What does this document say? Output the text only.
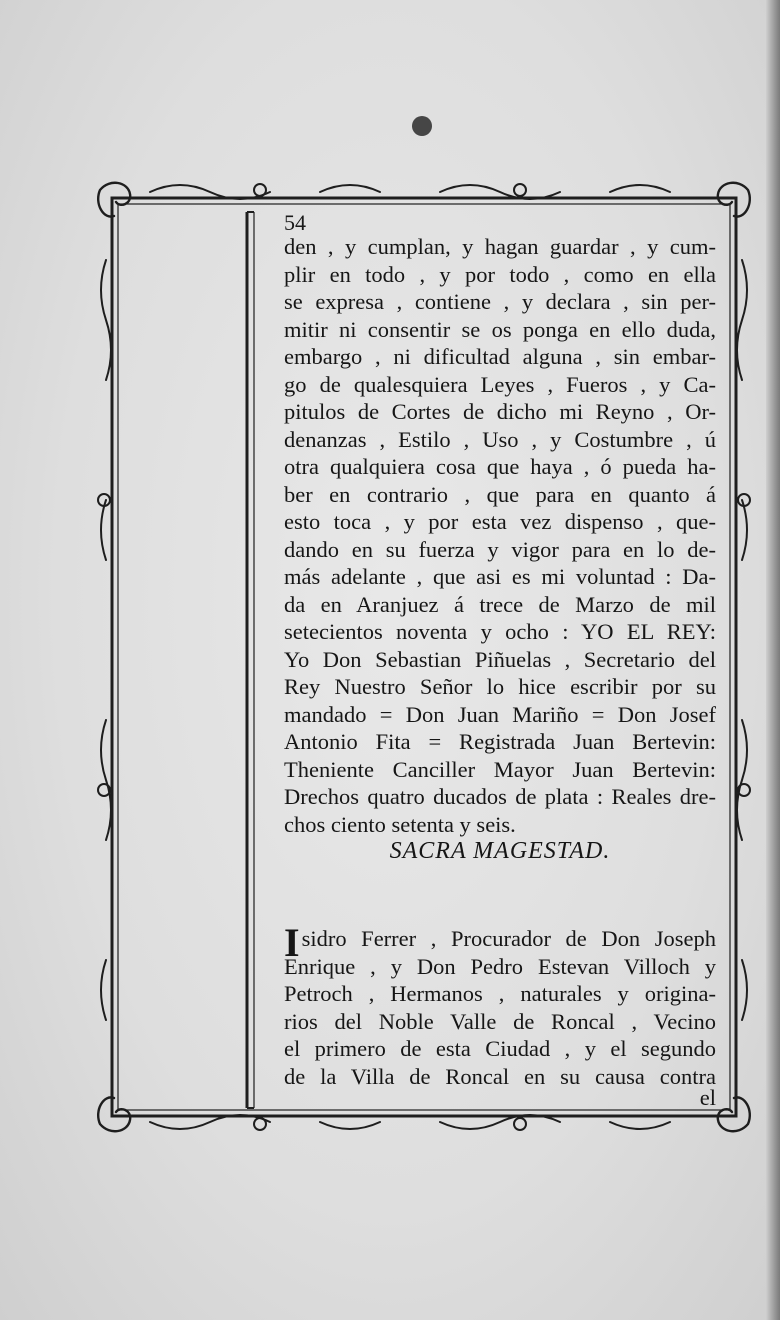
54
den , y cumplan, y hagan guardar , y cum-
plir en todo , y por todo , como en ella
se expresa , contiene , y declara , sin per-
mitir ni consentir se os ponga en ello duda,
embargo , ni dificultad alguna , sin embar-
go de qualesquiera Leyes , Fueros , y Ca-
pitulos de Cortes de dicho mi Reyno , Or-
denanzas , Estilo , Uso , y Costumbre , ú
otra qualquiera cosa que haya , ó pueda ha-
ber en contrario , que para en quanto á
esto toca , y por esta vez dispenso , que-
dando en su fuerza y vigor para en lo de-
más adelante , que asi es mi voluntad : Da-
da en Aranjuez á trece de Marzo de mil
setecientos noventa y ocho : YO EL REY:
Yo Don Sebastian Piñuelas , Secretario del
Rey Nuestro Señor lo hice escribir por su
mandado = Don Juan Mariño = Don Josef
Antonio Fita = Registrada Juan Bertevin:
Theniente Canciller Mayor Juan Bertevin:
Drechos quatro ducados de plata : Reales dre-
chos ciento setenta y seis.
SACRA MAGESTAD.
Isidro Ferrer , Procurador de Don Joseph
Enrique , y Don Pedro Estevan Villoch y
Petroch , Hermanos , naturales y origina-
rios del Noble Valle de Roncal , Vecino
el primero de esta Ciudad , y el segundo
de la Villa de Roncal en su causa contra
el
